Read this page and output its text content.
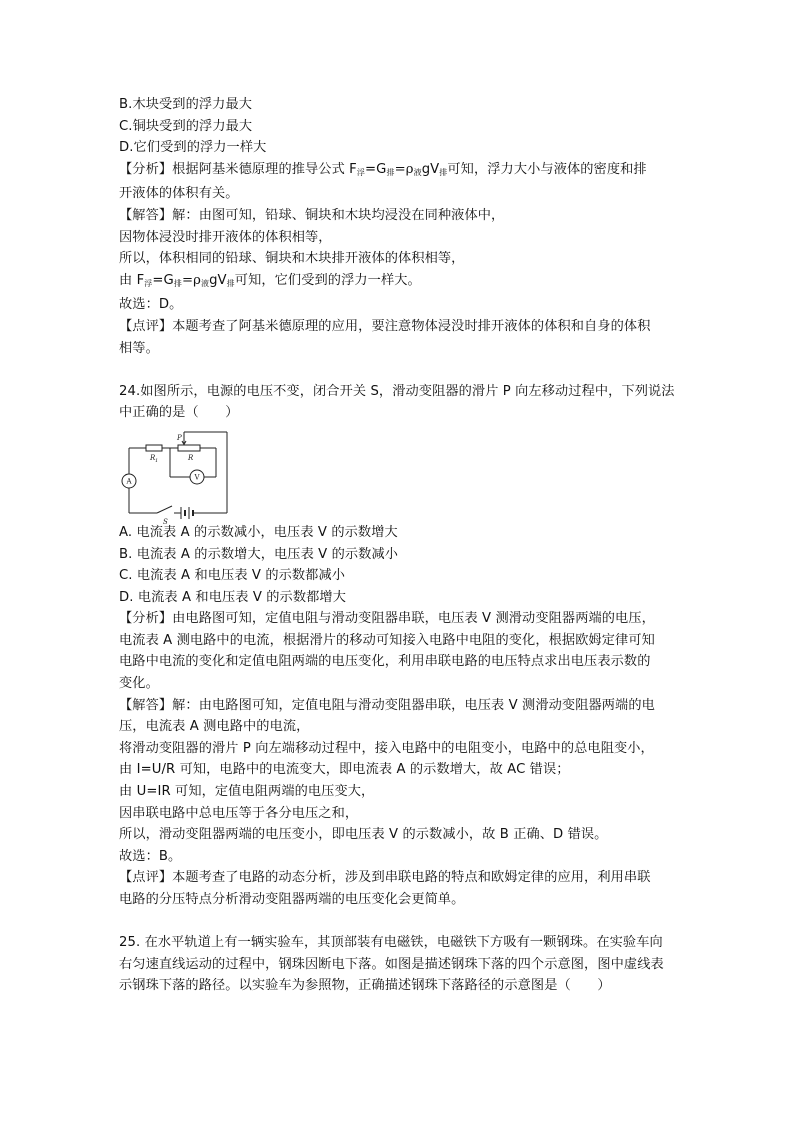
B.木块受到的浮力最大
C.铜块受到的浮力最大
D.它们受到的浮力一样大
【分析】根据阿基米德原理的推导公式 $F_浮=G_排=\rho_液gV_排$可知，浮力大小与液体的密度和排
开液体的体积有关。
【解答】解：由图可知，铅球、铜块和木块均浸没在同种液体中，
因物体浸没时排开液体的体积相等，
所以，体积相同的铅球、铜块和木块排开液体的体积相等，
由 $F_浮=G_排=\rho_液gV_排$可知，它们受到的浮力一样大。
故选：D。
【点评】本题考查了阿基米德原理的应用，要注意物体浸没时排开液体的体积和自身的体积
相等。
24.如图所示，电源的电压不变，闭合开关 S，滑动变阻器的滑片 P 向左移动过程中，下列说法
中正确的是（　　）
A	V
R 1	R
P
S
A. 电流表 A 的示数减小，电压表 V 的示数增大
B. 电流表 A 的示数增大，电压表 V 的示数减小
C. 电流表 A 和电压表 V 的示数都减小
D. 电流表 A 和电压表 V 的示数都增大
【分析】由电路图可知，定值电阻与滑动变阻器串联，电压表 V 测滑动变阻器两端的电压，
电流表 A 测电路中的电流，根据滑片的移动可知接入电路中电阻的变化，根据欧姆定律可知
电路中电流的变化和定值电阻两端的电压变化，利用串联电路的电压特点求出电压表示数的
变化。
【解答】解：由电路图可知，定值电阻与滑动变阻器串联，电压表 V 测滑动变阻器两端的电
压，电流表 A 测电路中的电流，
将滑动变阻器的滑片 P 向左端移动过程中，接入电路中的电阻变小，电路中的总电阻变小，
由 I=U/R 可知，电路中的电流变大，即电流表 A 的示数增大，故 AC 错误；
由 U=IR 可知，定值电阻两端的电压变大，
因串联电路中总电压等于各分电压之和，
所以，滑动变阻器两端的电压变小，即电压表 V 的示数减小，故 B 正确、D 错误。
故选：B。
【点评】本题考查了电路的动态分析，涉及到串联电路的特点和欧姆定律的应用，利用串联
电路的分压特点分析滑动变阻器两端的电压变化会更简单。
25. 在水平轨道上有一辆实验车，其顶部装有电磁铁，电磁铁下方吸有一颗钢珠。在实验车向
右匀速直线运动的过程中，钢珠因断电下落。如图是描述钢珠下落的四个示意图，图中虚线表
示钢珠下落的路径。以实验车为参照物，正确描述钢珠下落路径的示意图是（　　）
